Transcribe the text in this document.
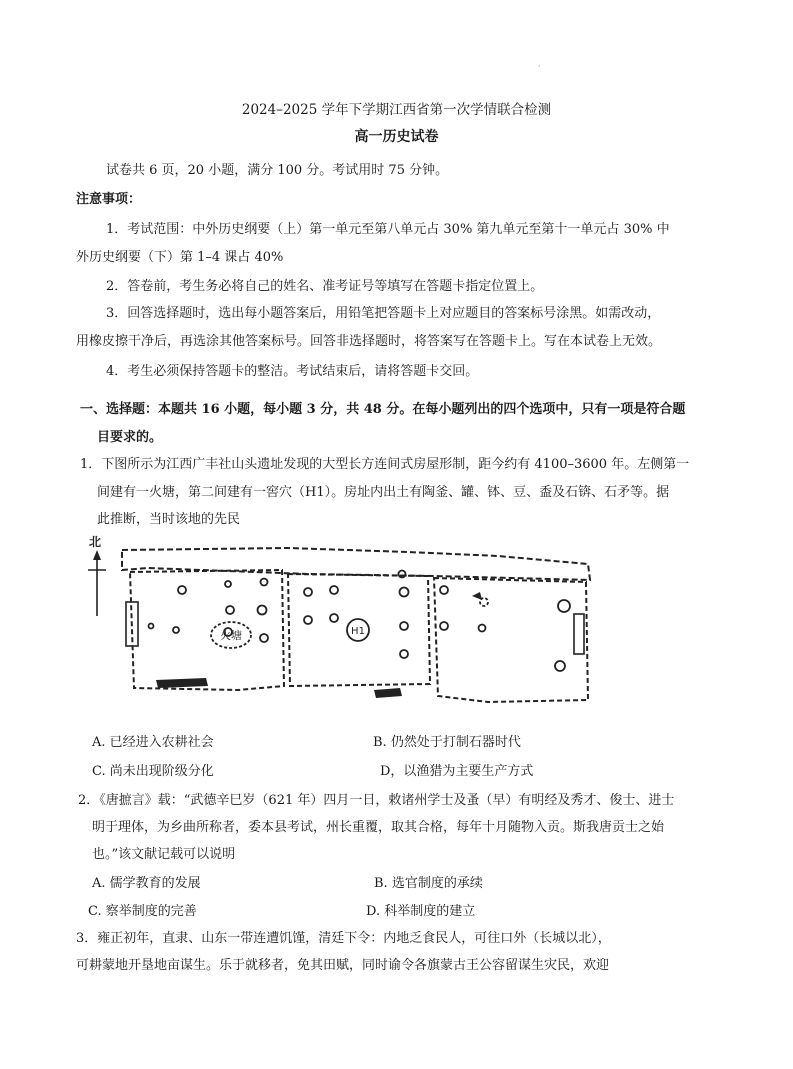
·
2024–2025 学年下学期江西省第一次学情联合检测
高一历史试卷
试卷共 6 页，20 小题，满分 100 分。考试用时 75 分钟。
注意事项：
1．考试范围：中外历史纲要（上）第一单元至第八单元占 30% 第九单元至第十一单元占 30% 中
外历史纲要（下）第 1–4 课占 40%
2．答卷前，考生务必将自己的姓名、准考证号等填写在答题卡指定位置上。
3．回答选择题时，选出每小题答案后，用铅笔把答题卡上对应题目的答案标号涂黑。如需改动，
用橡皮擦干净后，再选涂其他答案标号。回答非选择题时，将答案写在答题卡上。写在本试卷上无效。
4．考生必须保持答题卡的整洁。考试结束后，请将答题卡交回。
一、选择题：本题共 16 小题，每小题 3 分，共 48 分。在每小题列出的四个选项中，只有一项是符合题
目要求的。
1．下图所示为江西广丰社山头遗址发现的大型长方连间式房屋形制，距今约有 4100–3600 年。左侧第一
间建有一火塘，第二间建有一窖穴（H1）。房址内出土有陶釜、罐、钵、豆、盉及石锛、石矛等。据
此推断，当时该地的先民
北
火塘	H1
A. 已经进入农耕社会	B. 仍然处于打制石器时代
C. 尚未出现阶级分化	D，以渔猎为主要生产方式
2．《唐摭言》载：“武德辛巳岁（621 年）四月一日，敕诸州学士及蚤（早）有明经及秀才、俊士、进士
明于理体，为乡曲所称者，委本县考试，州长重覆，取其合格，每年十月随物入贡。斯我唐贡士之始
也。”该文献记载可以说明
A. 儒学教育的发展	B. 选官制度的承续
C. 察举制度的完善	D. 科举制度的建立
3．雍正初年，直隶、山东一带连遭饥馑，清廷下令：内地乏食民人，可往口外（长城以北），
可耕蒙地开垦地亩谋生。乐于就移者，免其田赋，同时谕令各旗蒙古王公容留谋生灾民，欢迎
